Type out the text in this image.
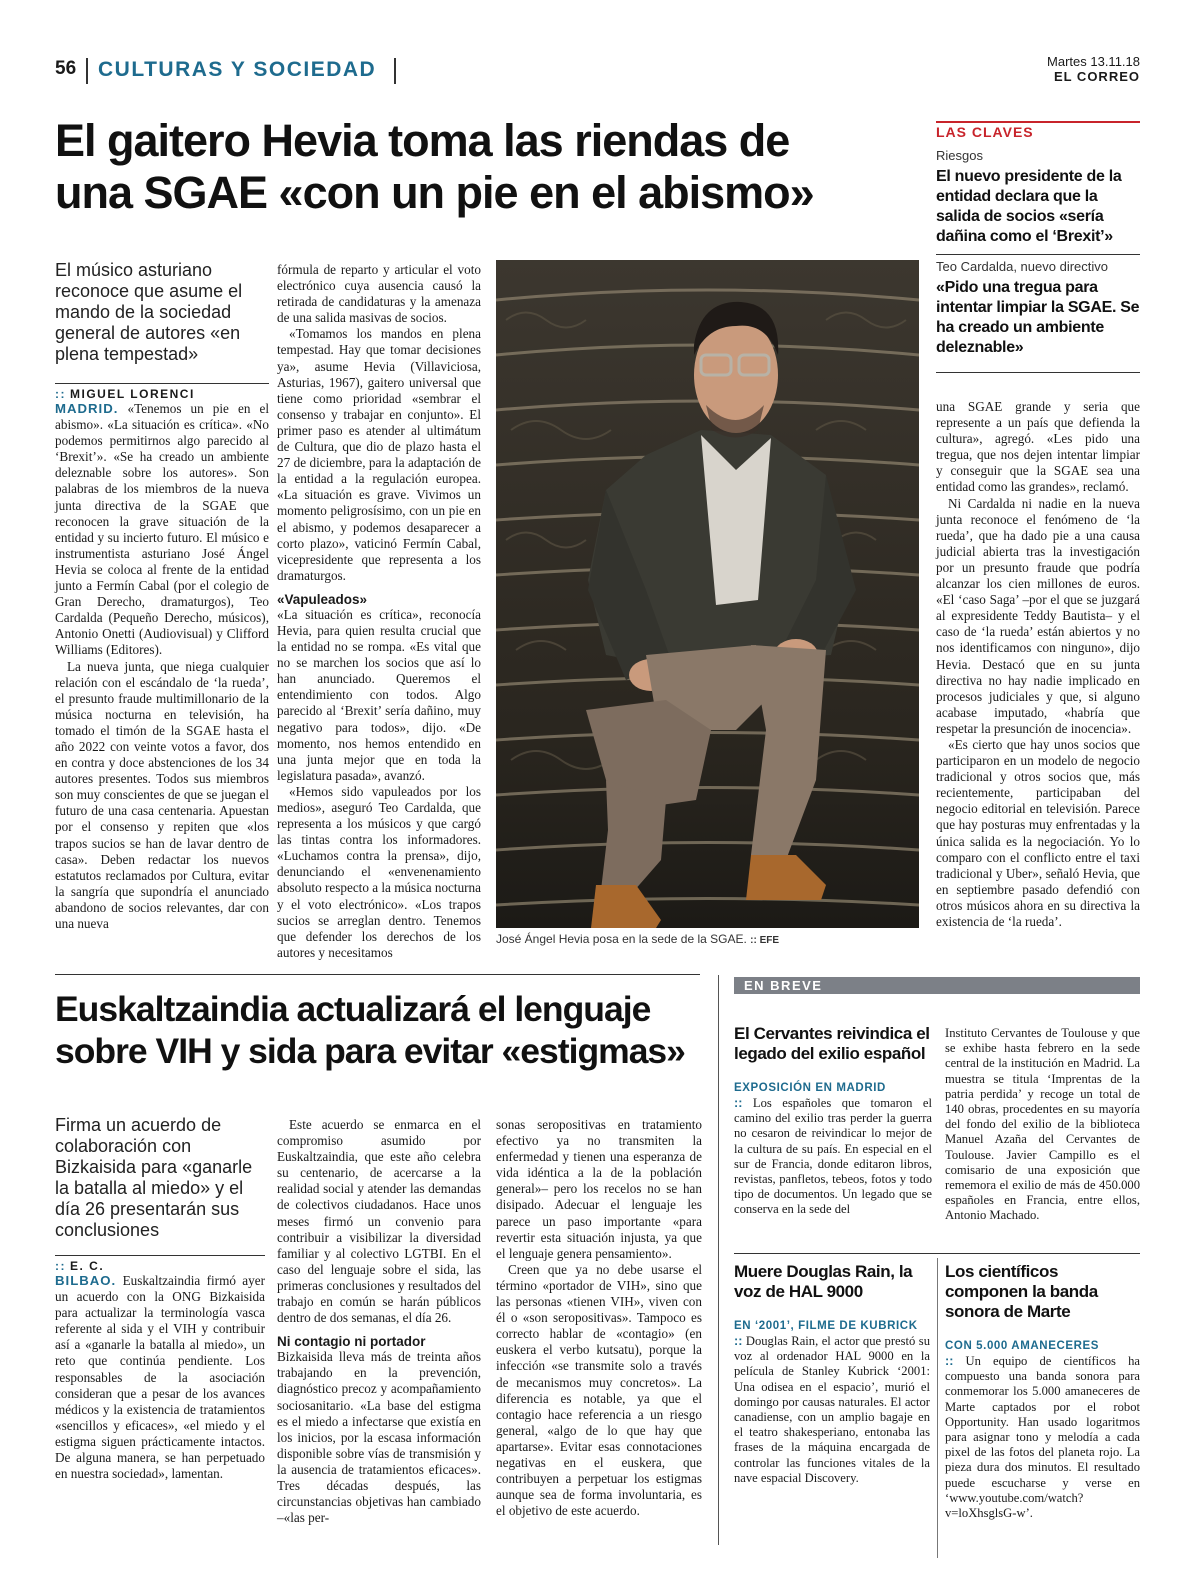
56 CULTURAS Y SOCIEDAD	Martes 13.11.18
EL CORREO
El gaitero Hevia toma las riendas de
una SGAE «con un pie en el abismo»
LAS CLAVES
Riesgos
El nuevo presidente de la entidad declara que la salida de socios «sería dañina como el ‘Brexit’»
Teo Cardalda, nuevo directivo
«Pido una tregua para intentar limpiar la SGAE. Se ha creado un ambiente deleznable»
El músico asturiano reconoce que asume el mando de la sociedad general de autores «en plena tempestad»
:: MIGUEL LORENCI

MADRID. «Tenemos un pie en el abismo». «La situación es crítica». «No podemos permitirnos algo parecido al ‘Brexit’». «Se ha creado un ambiente deleznable sobre los autores». Son palabras de los miembros de la nueva junta directiva de la SGAE que reconocen la grave situación de la entidad y su incierto futuro. El músico e instrumentista asturiano José Ángel Hevia se coloca al frente de la entidad junto a Fermín Cabal (por el colegio de Gran Derecho, dramaturgos), Teo Cardalda (Pequeño Derecho, músicos), Antonio Onetti (Audiovisual) y Clifford Williams (Editores).

La nueva junta, que niega cualquier relación con el escándalo de ‘la rueda’, el presunto fraude multimillonario de la música nocturna en televisión, ha tomado el timón de la SGAE hasta el año 2022 con veinte votos a favor, dos en contra y doce abstenciones de los 34 autores presentes. Todos sus miembros son muy conscientes de que se juegan el futuro de una casa centenaria. Apuestan por el consenso y repiten que «los trapos sucios se han de lavar dentro de casa». Deben redactar los nuevos estatutos reclamados por Cultura, evitar la sangría que supondría el anunciado abandono de socios relevantes, dar con una nueva

fórmula de reparto y articular el voto electrónico cuya ausencia causó la retirada de candidaturas y la amenaza de una salida masivas de socios.

«Tomamos los mandos en plena tempestad. Hay que tomar decisiones ya», asume Hevia (Villaviciosa, Asturias, 1967), gaitero universal que tiene como prioridad «sembrar el consenso y trabajar en conjunto». El primer paso es atender al ultimátum de Cultura, que dio de plazo hasta el 27 de diciembre, para la adaptación de la entidad a la regulación europea. «La situación es grave. Vivimos un momento peligrosísimo, con un pie en el abismo, y podemos desaparecer a corto plazo», vaticinó Fermín Cabal, vicepresidente que representa a los dramaturgos.

«Vapuleados»

«La situación es crítica», reconocía Hevia, para quien resulta crucial que la entidad no se rompa. «Es vital que no se marchen los socios que así lo han anunciado. Queremos el entendimiento con todos. Algo parecido al ‘Brexit’ sería dañino, muy negativo para todos», dijo. «De momento, nos hemos entendido en una junta mejor que en toda la legislatura pasada», avanzó.

«Hemos sido vapuleados por los medios», aseguró Teo Cardalda, que representa a los músicos y que cargó las tintas contra los informadores. «Luchamos contra la prensa», dijo, denunciando el «envenenamiento absoluto respecto a la música nocturna y el voto electrónico». «Los trapos sucios se arreglan dentro. Tenemos que defender los derechos de los autores y necesitamos

José Ángel Hevia posa en la sede de la SGAE. :: EFE

una SGAE grande y seria que represente a un país que defienda la cultura», agregó. «Les pido una tregua, que nos dejen intentar limpiar y conseguir que la SGAE sea una entidad como las grandes», reclamó.

Ni Cardalda ni nadie en la nueva junta reconoce el fenómeno de ‘la rueda’, que ha dado pie a una causa judicial abierta tras la investigación por un presunto fraude que podría alcanzar los cien millones de euros. «El ‘caso Saga’ –por el que se juzgará al expresidente Teddy Bautista– y el caso de ‘la rueda’ están abiertos y no nos identificamos con ninguno», dijo Hevia. Destacó que en su junta directiva no hay nadie implicado en procesos judiciales y que, si alguno acabase imputado, «habría que respetar la presunción de inocencia».

«Es cierto que hay unos socios que participaron en un modelo de negocio tradicional y otros socios que, más recientemente, participaban del negocio editorial en televisión. Parece que hay posturas muy enfrentadas y la única salida es la negociación. Yo lo comparo con el conflicto entre el taxi tradicional y Uber», señaló Hevia, que en septiembre pasado defendió con otros músicos ahora en su directiva la existencia de ‘la rueda’.

Euskaltzaindia actualizará el lenguaje
sobre VIH y sida para evitar «estigmas»
Firma un acuerdo de colaboración con Bizkaisida para «ganarle la batalla al miedo» y el día 26 presentarán sus conclusiones
:: E. C.

BILBAO. Euskaltzaindia firmó ayer un acuerdo con la ONG Bizkaisida para actualizar la terminología vasca referente al sida y el VIH y contribuir así a «ganarle la batalla al miedo», un reto que continúa pendiente. Los responsables de la asociación consideran que a pesar de los avances médicos y la existencia de tratamientos «sencillos y eficaces», «el miedo y el estigma siguen prácticamente intactos. De alguna manera, se han perpetuado en nuestra sociedad», lamentan.

Este acuerdo se enmarca en el compromiso asumido por Euskaltzaindia, que este año celebra su centenario, de acercarse a la realidad social y atender las demandas de colectivos ciudadanos. Hace unos meses firmó un convenio para contribuir a visibilizar la diversidad familiar y al colectivo LGTBI. En el caso del lenguaje sobre el sida, las primeras conclusiones y resultados del trabajo en común se harán públicos dentro de dos semanas, el día 26.

Ni contagio ni portador

Bizkaisida lleva más de treinta años trabajando en la prevención, diagnóstico precoz y acompañamiento sociosanitario. «La base del estigma es el miedo a infectarse que existía en los inicios, por la escasa información disponible sobre vías de transmisión y la ausencia de tratamientos eficaces». Tres décadas después, las circunstancias objetivas han cambiado –«las per-

sonas seropositivas en tratamiento efectivo ya no transmiten la enfermedad y tienen una esperanza de vida idéntica a la de la población general»– pero los recelos no se han disipado. Adecuar el lenguaje les parece un paso importante «para revertir esta situación injusta, ya que el lenguaje genera pensamiento».

Creen que ya no debe usarse el término «portador de VIH», sino que las personas «tienen VIH», viven con él o «son seropositivas». Tampoco es correcto hablar de «contagio» (en euskera el verbo kutsatu), porque la infección «se transmite solo a través de mecanismos muy concretos». La diferencia es notable, ya que el contagio hace referencia a un riesgo general, «algo de lo que hay que apartarse». Evitar esas connotaciones negativas en el euskera, que contribuyen a perpetuar los estigmas aunque sea de forma involuntaria, es el objetivo de este acuerdo.

EN BREVE
El Cervantes reivindica el legado del exilio español
EXPOSICIÓN EN MADRID
:: Los españoles que tomaron el camino del exilio tras perder la guerra no cesaron de reivindicar lo mejor de la cultura de su país. En especial en el sur de Francia, donde editaron libros, revistas, panfletos, tebeos, fotos y todo tipo de documentos. Un legado que se conserva en la sede del
Instituto Cervantes de Toulouse y que se exhibe hasta febrero en la sede central de la institución en Madrid. La muestra se titula ‘Imprentas de la patria perdida’ y recoge un total de 140 obras, procedentes en su mayoría del fondo del exilio de la biblioteca Manuel Azaña del Cervantes de Toulouse. Javier Campillo es el comisario de una exposición que rememora el exilio de más de 450.000 españoles en Francia, entre ellos, Antonio Machado.
Muere Douglas Rain, la voz de HAL 9000
EN ‘2001’, FILME DE KUBRICK
:: Douglas Rain, el actor que prestó su voz al ordenador HAL 9000 en la película de Stanley Kubrick ‘2001: Una odisea en el espacio’, murió el domingo por causas naturales. El actor canadiense, con un amplio bagaje en el teatro shakesperiano, entonaba las frases de la máquina encargada de controlar las funciones vitales de la nave espacial Discovery.
Los científicos componen la banda sonora de Marte
CON 5.000 AMANECERES
:: Un equipo de científicos ha compuesto una banda sonora para conmemorar los 5.000 amaneceres de Marte captados por el robot Opportunity. Han usado logaritmos para asignar tono y melodía a cada pixel de las fotos del planeta rojo. La pieza dura dos minutos. El resultado puede escucharse y verse en ‘www.youtube.com/watch?v=loXhsglsG-w’.
